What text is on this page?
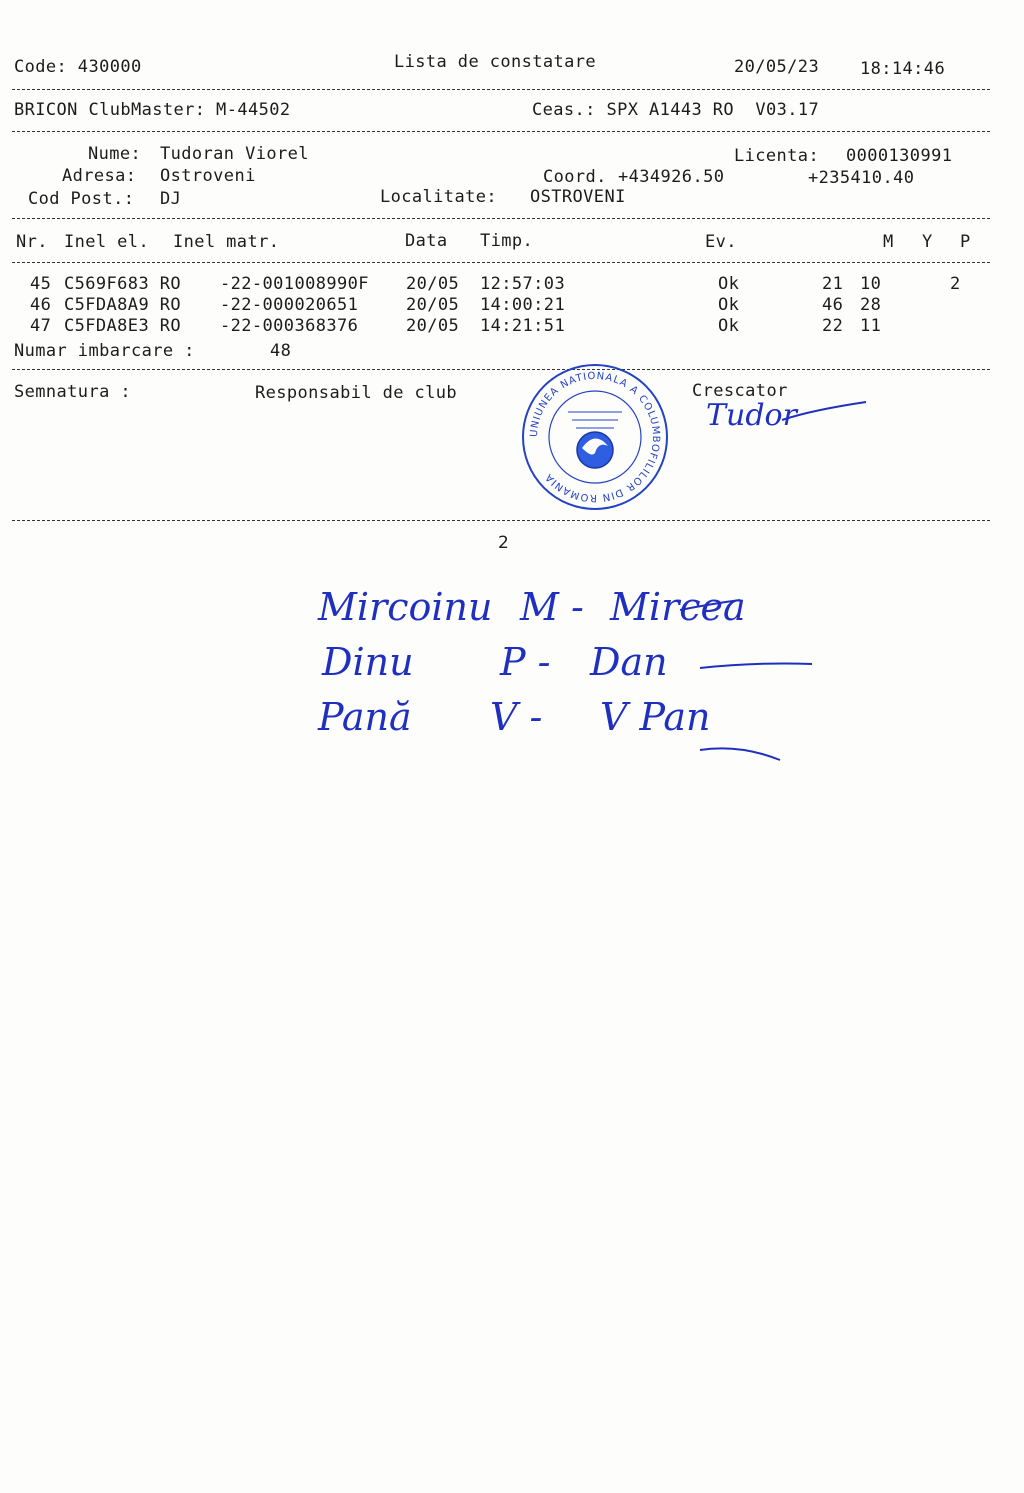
Code: 430000	Lista de constatare	20/05/23 18:14:46
BRICON ClubMaster: M-44502	Ceas.: SPX A1443 RO  V03.17
Nume: Tudoran Viorel	Licenta: 0000130991
Adresa: Ostroveni	Coord. +434926.50	+235410.40
Cod Post.: DJ	Localitate: OSTROVENI
Nr. Inel el. Inel matr.	Data Timp.	Ev.	M Y P
45 C569F683 RO -22-001008990F 20/05 12:57:03	Ok	21 10	2
46 C5FDA8A9 RO -22-000020651	20/05 14:00:21	Ok	46 28
47 C5FDA8E3 RO -22-000368376	20/05 14:21:51	Ok	22 11
Numar imbarcare :	48
Semnatura :	Responsabil de club	Crescator
UNIUNEA NATIONALA A COLUMBOFILILOR DIN ROMANIA
Tudor
2
Mircoinu M - Mircea
Dinu P - Dan
Pană V - V Pan
